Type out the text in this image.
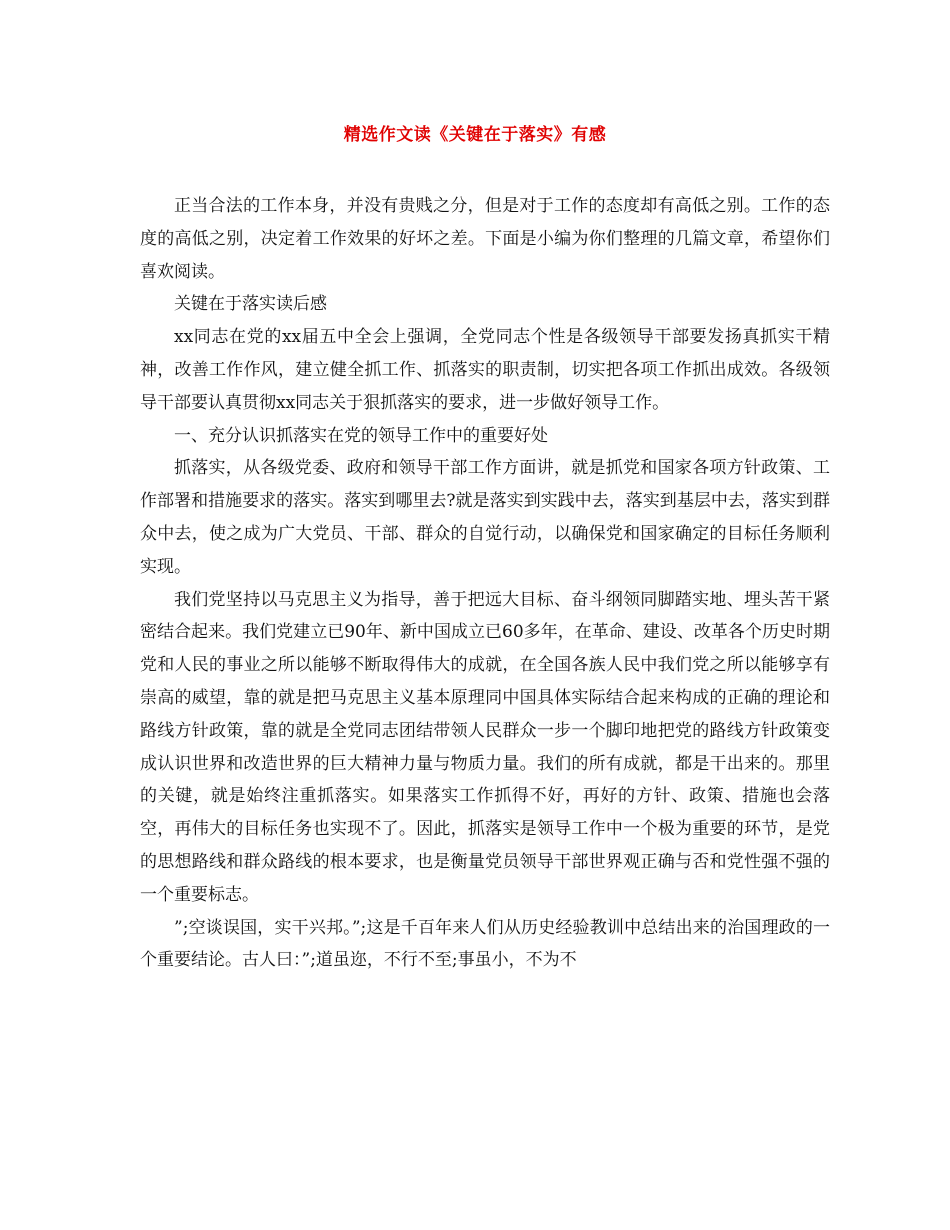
精选作文读《关键在于落实》有感

正当合法的工作本身，并没有贵贱之分，但是对于工作的态度却有高低之别。工作的态度的高低之别，决定着工作效果的好坏之差。下面是小编为你们整理的几篇文章，希望你们喜欢阅读。

关键在于落实读后感

xx同志在党的xx届五中全会上强调，全党同志个性是各级领导干部要发扬真抓实干精神，改善工作作风，建立健全抓工作、抓落实的职责制，切实把各项工作抓出成效。各级领导干部要认真贯彻xx同志关于狠抓落实的要求，进一步做好领导工作。

一、充分认识抓落实在党的领导工作中的重要好处

抓落实，从各级党委、政府和领导干部工作方面讲，就是抓党和国家各项方针政策、工作部署和措施要求的落实。落实到哪里去?就是落实到实践中去，落实到基层中去，落实到群众中去，使之成为广大党员、干部、群众的自觉行动，以确保党和国家确定的目标任务顺利实现。

我们党坚持以马克思主义为指导，善于把远大目标、奋斗纲领同脚踏实地、埋头苦干紧密结合起来。我们党建立已90年、新中国成立已60多年，在革命、建设、改革各个历史时期党和人民的事业之所以能够不断取得伟大的成就，在全国各族人民中我们党之所以能够享有崇高的威望，靠的就是把马克思主义基本原理同中国具体实际结合起来构成的正确的理论和路线方针政策，靠的就是全党同志团结带领人民群众一步一个脚印地把党的路线方针政策变成认识世界和改造世界的巨大精神力量与物质力量。我们的所有成就，都是干出来的。那里的关键，就是始终注重抓落实。如果落实工作抓得不好，再好的方针、政策、措施也会落空，再伟大的目标任务也实现不了。因此，抓落实是领导工作中一个极为重要的环节，是党的思想路线和群众路线的根本要求，也是衡量党员领导干部世界观正确与否和党性强不强的一个重要标志。

”;空谈误国，实干兴邦。”;这是千百年来人们从历史经验教训中总结出来的治国理政的一个重要结论。古人曰：”;道虽迩，不行不至;事虽小，不为不
